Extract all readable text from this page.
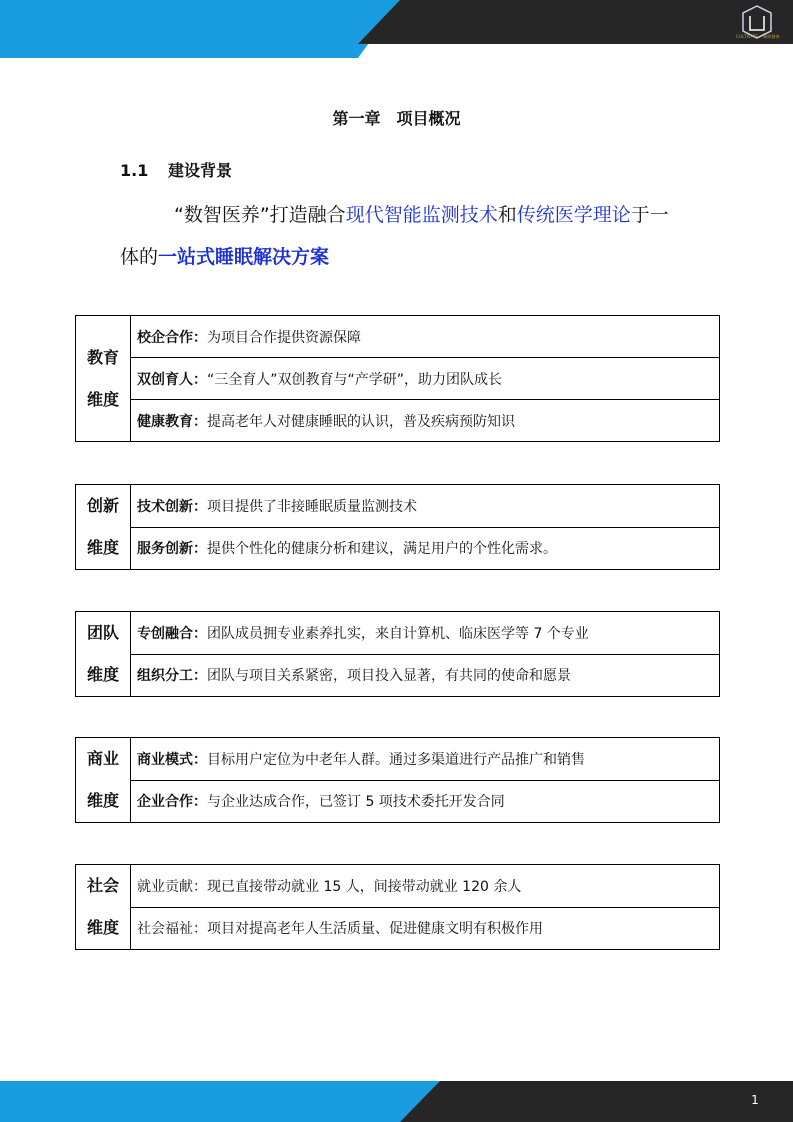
CULTIVATE · 睡眠健康
第一章　项目概况
1.1 建设背景
“数智医养”打造融合现代智能监测技术和传统医学理论于一体的一站式睡眠解决方案
教育
维度
	校企合作：为项目合作提供资源保障
双创育人：“三全育人”双创教育与“产学研”，助力团队成长
健康教育：提高老年人对健康睡眠的认识，普及疾病预防知识
创新
维度
	技术创新：项目提供了非接睡眠质量监测技术
服务创新：提供个性化的健康分析和建议，满足用户的个性化需求。
团队
维度
	专创融合：团队成员拥专业素养扎实，来自计算机、临床医学等 7 个专业
组织分工：团队与项目关系紧密，项目投入显著，有共同的使命和愿景
商业
维度
	商业模式：目标用户定位为中老年人群。通过多渠道进行产品推广和销售
企业合作：与企业达成合作，已签订 5 项技术委托开发合同
社会
维度
	就业贡献：现已直接带动就业 15 人，间接带动就业 120 余人
社会福祉：项目对提高老年人生活质量、促进健康文明有积极作用
1
